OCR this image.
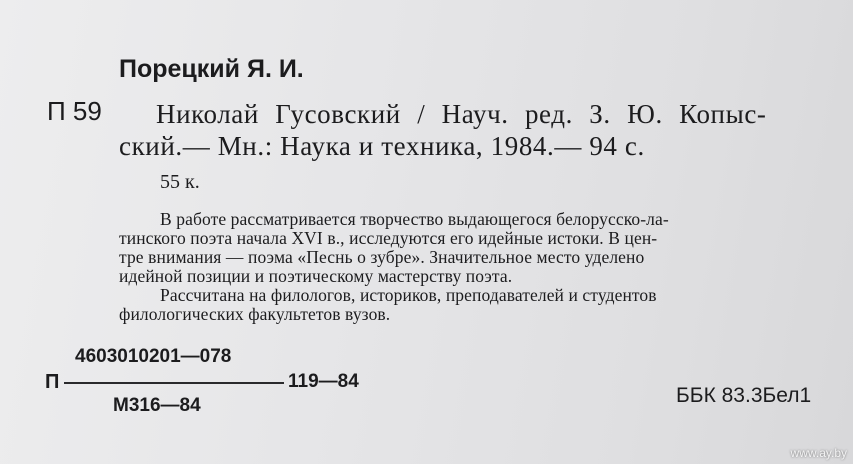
Порецкий Я. И.
П 59 Николай Гусовский / Науч. ред. З. Ю. Копыс-
ский.— Мн.: Наука и техника, 1984.— 94 с.
55 к.
В работе рассматривается творчество выдающегося белорусско-ла-
тинского поэта начала XVI в., исследуются его идейные истоки. В цен-
тре внимания — поэма «Песнь о зубре». Значительное место уделено
идейной позиции и поэтическому мастерству поэта.
Рассчитана на филологов, историков, преподавателей и студентов
филологических факультетов вузов.
4603010201—078
П	119—84
М316—84	ББК 83.3Бел1
www.ay.by
